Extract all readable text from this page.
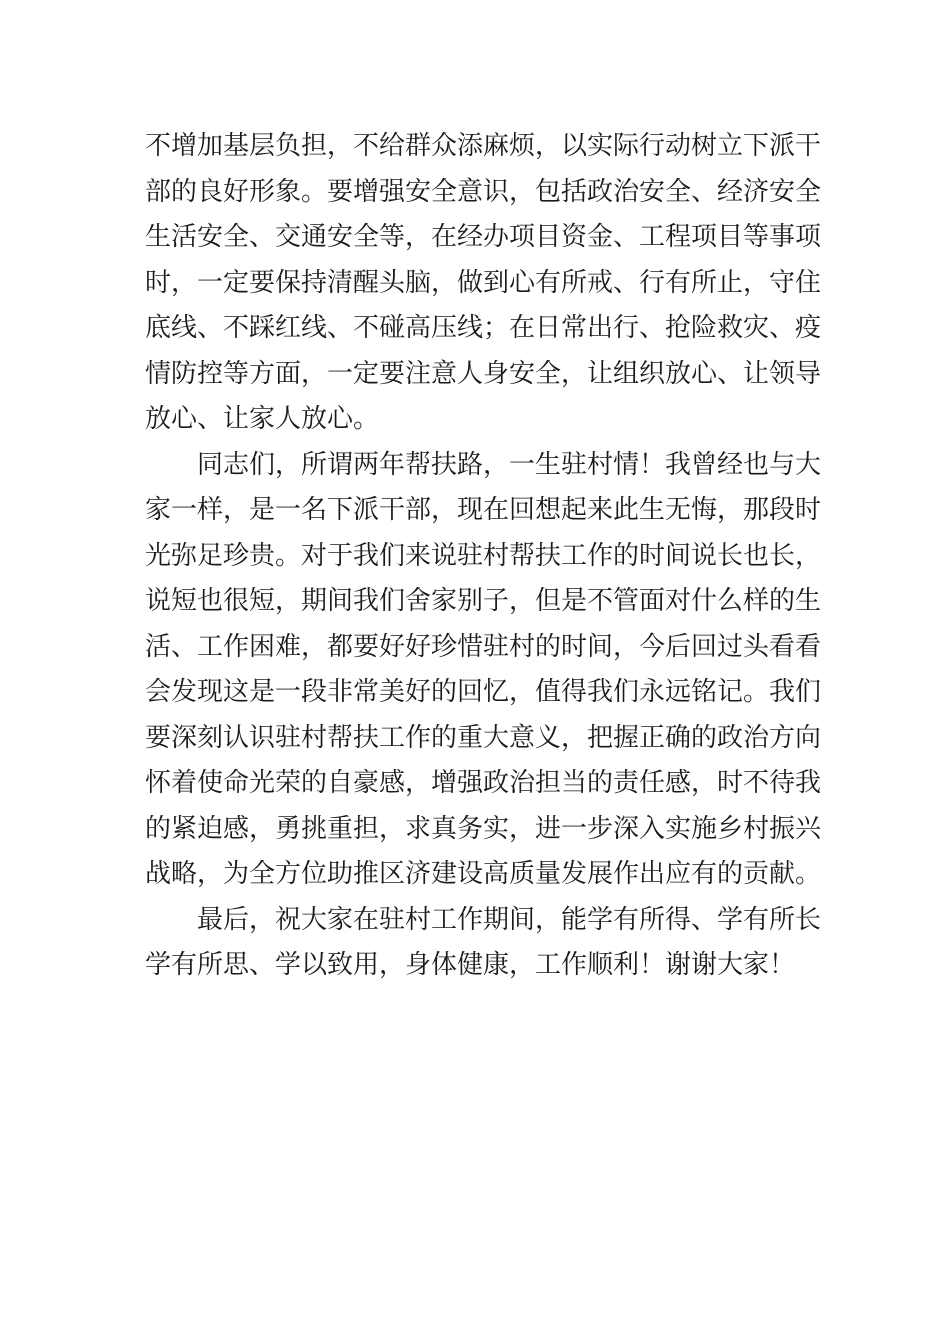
不增加基层负担，不给群众添麻烦，以实际行动树立下派干
部的良好形象。要增强安全意识，包括政治安全、经济安全
生活安全、交通安全等，在经办项目资金、工程项目等事项
时，一定要保持清醒头脑，做到心有所戒、行有所止，守住
底线、不踩红线、不碰高压线；在日常出行、抢险救灾、疫
情防控等方面，一定要注意人身安全，让组织放心、让领导
放心、让家人放心。
同志们，所谓两年帮扶路，一生驻村情！我曾经也与大
家一样，是一名下派干部，现在回想起来此生无悔，那段时
光弥足珍贵。对于我们来说驻村帮扶工作的时间说长也长，
说短也很短，期间我们舍家别子，但是不管面对什么样的生
活、工作困难，都要好好珍惜驻村的时间，今后回过头看看
会发现这是一段非常美好的回忆，值得我们永远铭记。我们
要深刻认识驻村帮扶工作的重大意义，把握正确的政治方向
怀着使命光荣的自豪感，增强政治担当的责任感，时不待我
的紧迫感，勇挑重担，求真务实，进一步深入实施乡村振兴
战略，为全方位助推区济建设高质量发展作出应有的贡献。
最后，祝大家在驻村工作期间，能学有所得、学有所长
学有所思、学以致用，身体健康，工作顺利！谢谢大家！
